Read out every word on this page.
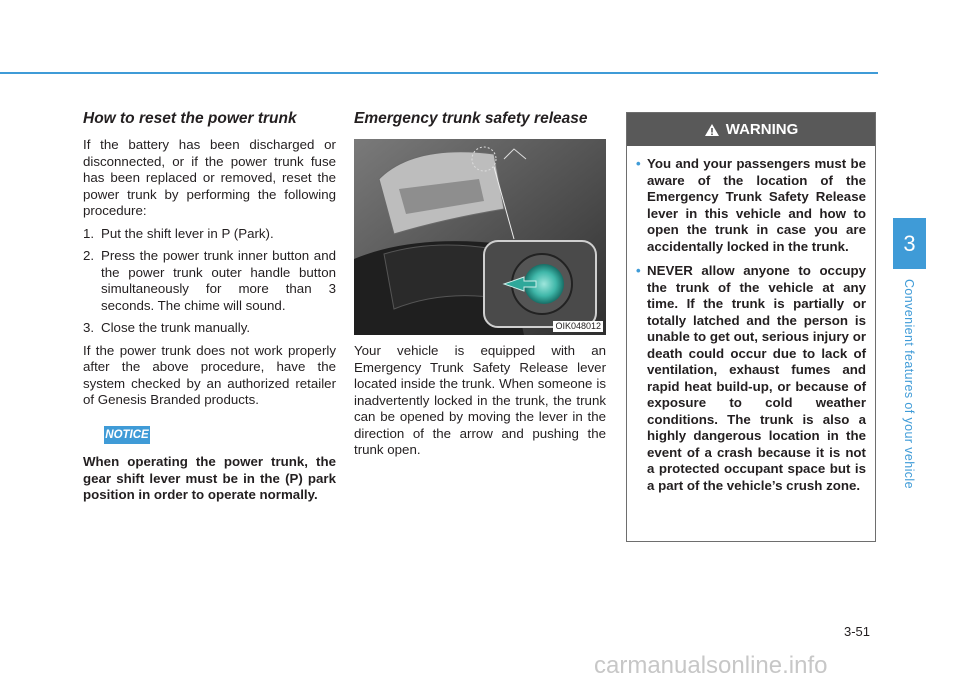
How to reset the power trunk

If the battery has been discharged or disconnected, or if the power trunk fuse has been replaced or removed, reset the power trunk by performing the following procedure:

1. Put the shift lever in P (Park).
2. Press the power trunk inner button and the power trunk outer handle button simultaneously for more than 3 seconds. The chime will sound.
3. Close the trunk manually.

If the power trunk does not work properly after the above procedure, have the system checked by an authorized retailer of Genesis Branded products.

NOTICE
When operating the power trunk, the gear shift lever must be in the (P) park position in order to operate normally.
Emergency trunk safety release

Your vehicle is equipped with an Emergency Trunk Safety Release lever located inside the trunk. When someone is inadvertently locked in the trunk, the trunk can be opened by moving the lever in the direction of the arrow and pushing the trunk open.

OIK048012
WARNING
• You and your passengers must be aware of the location of the Emergency Trunk Safety Release lever in this vehicle and how to open the trunk in case you are accidentally locked in the trunk.
• NEVER allow anyone to occupy the trunk of the vehicle at any time. If the trunk is partially or totally latched and the person is unable to get out, serious injury or death could occur due to lack of ventilation, exhaust fumes and rapid heat build-up, or because of exposure to cold weather conditions. The trunk is also a highly dangerous location in the event of a crash because it is not a protected occupant space but is a part of the vehicle’s crush zone.
3
Convenient features of your vehicle
3-51
carmanualsonline.info
